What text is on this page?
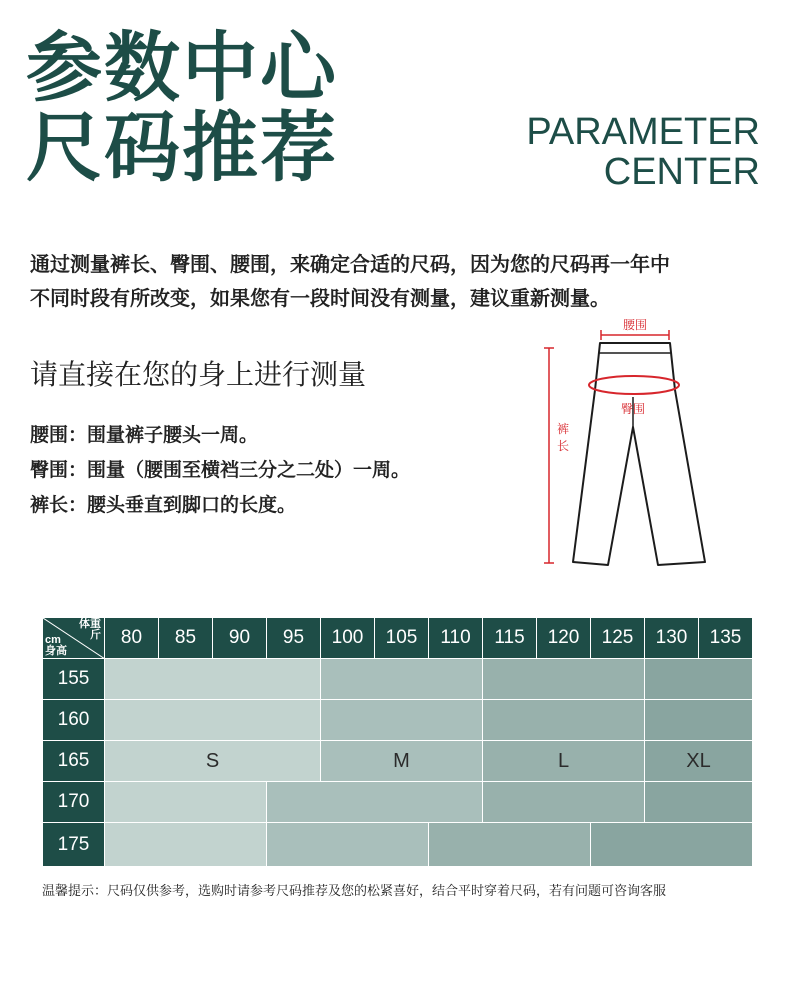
参数中心
尺码推荐	PARAMETER
CENTER
通过测量裤长、臀围、腰围，来确定合适的尺码，因为您的尺码再一年中
不同时段有所改变，如果您有一段时间没有测量，建议重新测量。
请直接在您的身上进行测量
腰围：围量裤子腰头一周。
臀围：围量（腰围至横裆三分之二处）一周。
裤长：腰头垂直到脚口的长度。
腰围
臀围
裤
长
体重
斤
cm
身高	80	85	90	95	100	105	110	115	120	125	130	135
155												
160												
165	S				M			L			XL	
170												
175												
温馨提示：尺码仅供参考，选购时请参考尺码推荐及您的松紧喜好，结合平时穿着尺码，若有问题可咨询客服
